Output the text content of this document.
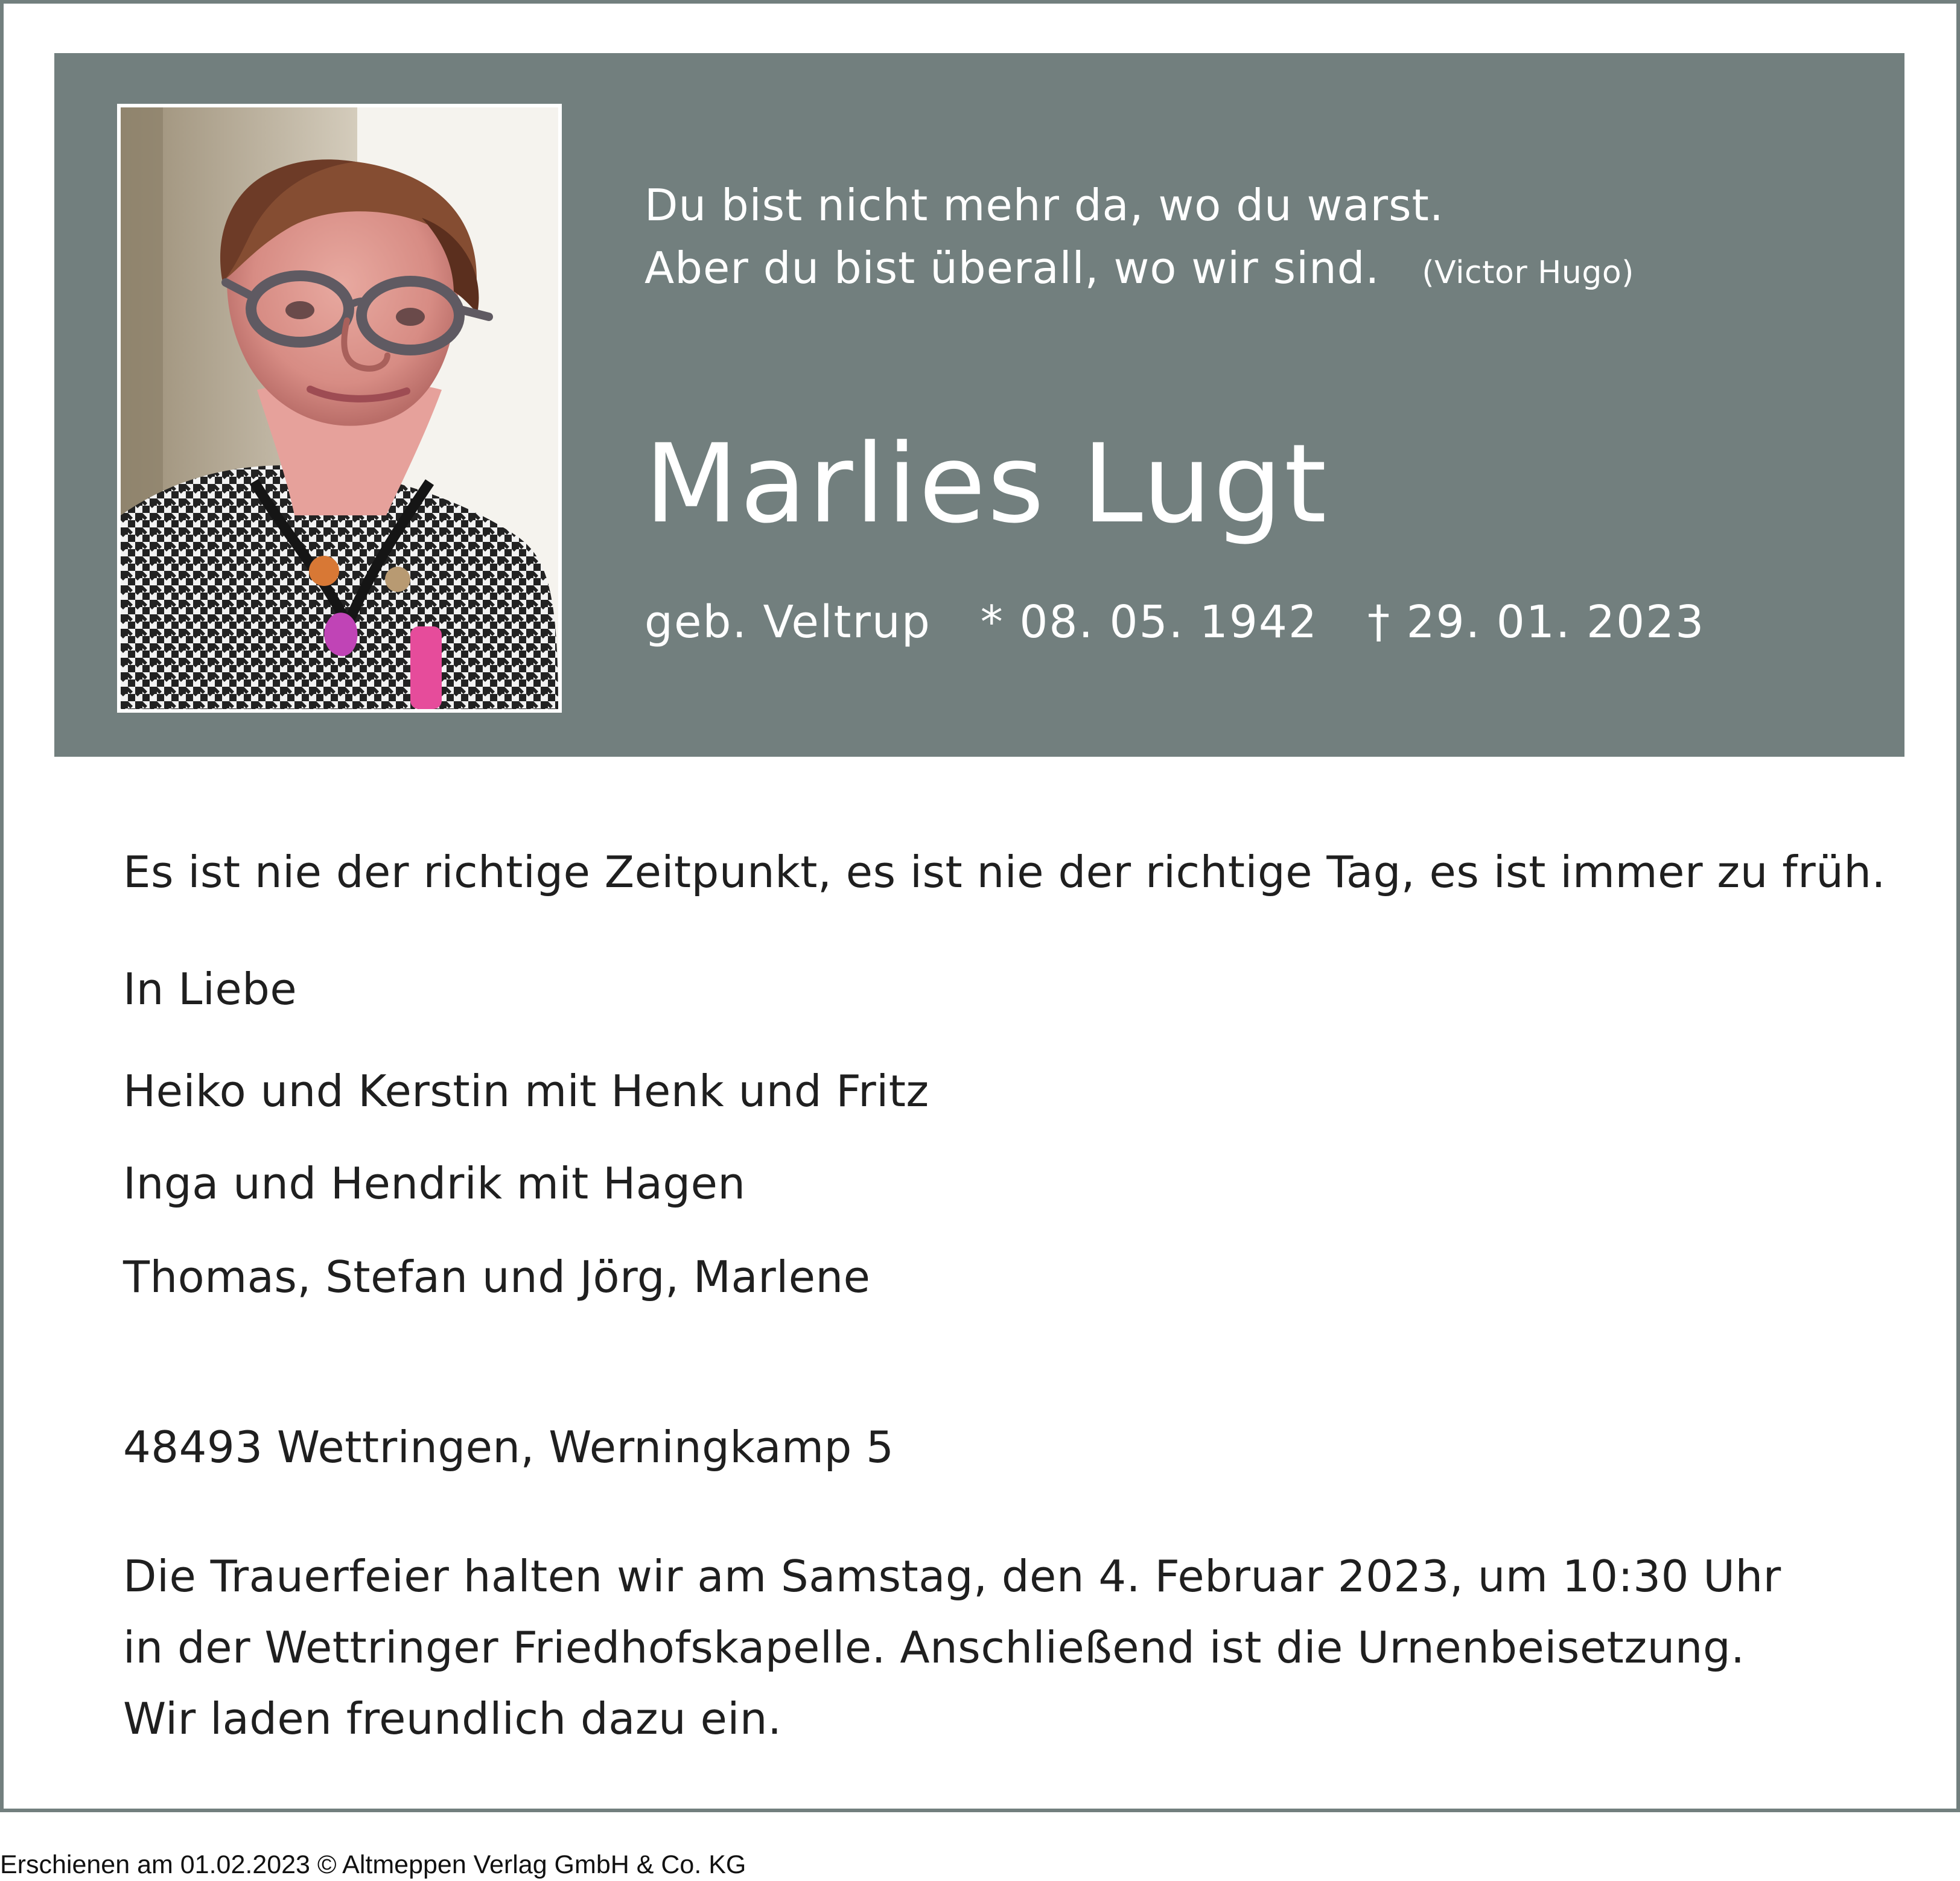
Du bist nicht mehr da, wo du warst.
Aber du bist überall, wo wir sind. (Victor Hugo)
Marlies Lugt
geb. Veltrup * 08. 05. 1942 † 29. 01. 2023
Es ist nie der richtige Zeitpunkt, es ist nie der richtige Tag, es ist immer zu früh.
In Liebe
Heiko und Kerstin mit Henk und Fritz
Inga und Hendrik mit Hagen
Thomas, Stefan und Jörg, Marlene
48493 Wettringen, Werningkamp 5
Die Trauerfeier halten wir am Samstag, den 4. Februar 2023, um 10:30 Uhr
in der Wettringer Friedhofskapelle. Anschließend ist die Urnenbeisetzung.
Wir laden freundlich dazu ein.
Erschienen am 01.02.2023 © Altmeppen Verlag GmbH & Co. KG
